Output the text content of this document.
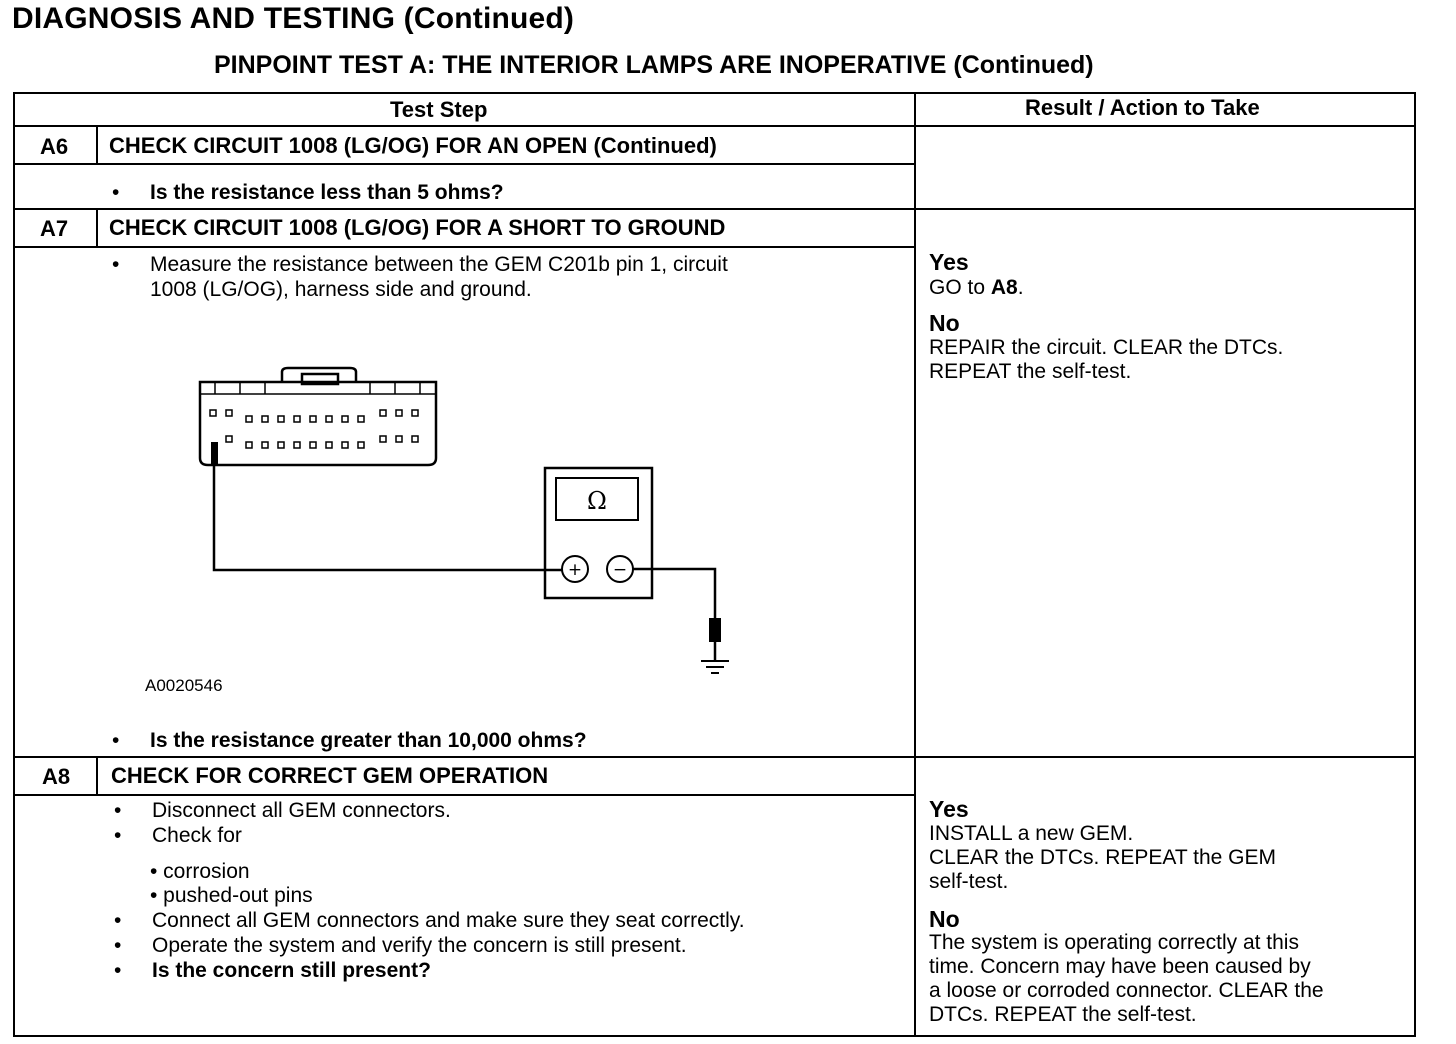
DIAGNOSIS AND TESTING (Continued)
PINPOINT TEST A: THE INTERIOR LAMPS ARE INOPERATIVE (Continued)
Test Step	Result / Action to Take
A6 CHECK CIRCUIT 1008 (LG/OG) FOR AN OPEN (Continued)
•	Is the resistance less than 5 ohms?
A7 CHECK CIRCUIT 1008 (LG/OG) FOR A SHORT TO GROUND
•	Measure the resistance between the GEM C201b pin 1, circuit
1008 (LG/OG), harness side and ground.
Ω
+ −
A0020546
•	Is the resistance greater than 10,000 ohms?
Yes
GO to A8.
No
REPAIR the circuit. CLEAR the DTCs.
REPEAT the self-test.
A8 CHECK FOR CORRECT GEM OPERATION
•	Disconnect all GEM connectors.
•	Check for
• corrosion
• pushed-out pins
•	Connect all GEM connectors and make sure they seat correctly.
•	Operate the system and verify the concern is still present.
•	Is the concern still present?
Yes
INSTALL a new GEM.
CLEAR the DTCs. REPEAT the GEM
self-test.
No
The system is operating correctly at this
time. Concern may have been caused by
a loose or corroded connector. CLEAR the
DTCs. REPEAT the self-test.
